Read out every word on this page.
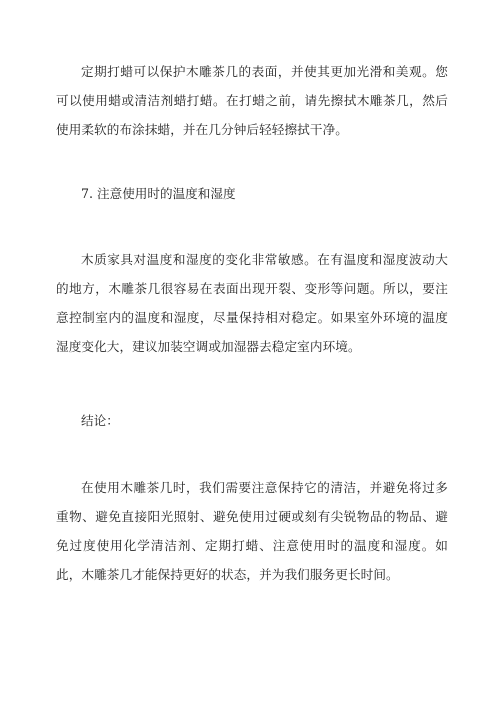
定期打蜡可以保护木雕茶几的表面，并使其更加光滑和美观。您可以使用蜡或清洁剂蜡打蜡。在打蜡之前，请先擦拭木雕茶几，然后使用柔软的布涂抹蜡，并在几分钟后轻轻擦拭干净。

7. 注意使用时的温度和湿度

木质家具对温度和湿度的变化非常敏感。在有温度和湿度波动大的地方，木雕茶几很容易在表面出现开裂、变形等问题。所以，要注意控制室内的温度和湿度，尽量保持相对稳定。如果室外环境的温度湿度变化大，建议加装空调或加湿器去稳定室内环境。

结论：

在使用木雕茶几时，我们需要注意保持它的清洁，并避免将过多重物、避免直接阳光照射、避免使用过硬或刻有尖锐物品的物品、避免过度使用化学清洁剂、定期打蜡、注意使用时的温度和湿度。如此，木雕茶几才能保持更好的状态，并为我们服务更长时间。
